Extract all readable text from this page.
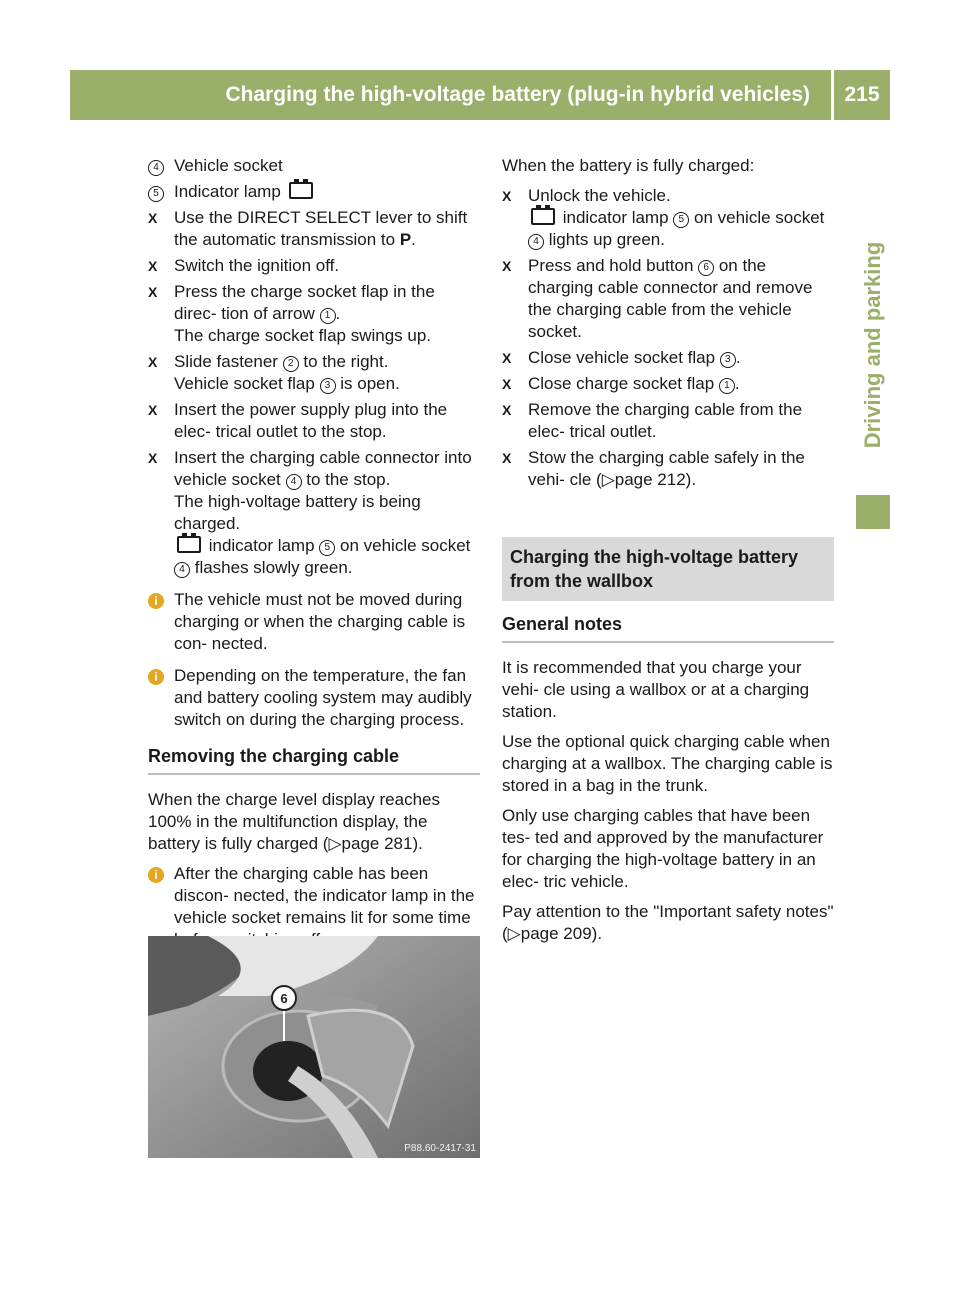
Charging the high-voltage battery (plug-in hybrid vehicles)	215
Driving and parking
4 Vehicle socket
5 Indicator lamp
X Use the DIRECT SELECT lever to shift the automatic transmission to P.
X Switch the ignition off.
X Press the charge socket flap in the direc- tion of arrow 1 .
The charge socket flap swings up.
X Slide fastener 2 to the right.
Vehicle socket flap 3 is open.
X Insert the power supply plug into the elec- trical outlet to the stop.
X Insert the charging cable connector into vehicle socket 4 to the stop.
The high-voltage battery is being charged.
indicator lamp 5 on vehicle socket 4 flashes slowly green.
i The vehicle must not be moved during charging or when the charging cable is con- nected.
i Depending on the temperature, the fan and battery cooling system may audibly switch on during the charging process.
Removing the charging cable
When the charge level display reaches 100% in the multifunction display, the battery is fully charged (▷page 281).
i After the charging cable has been discon- nected, the indicator lamp in the vehicle socket remains lit for some time
When the battery is fully charged:
X Unlock the vehicle.
indicator lamp 5 on vehicle socket 4 lights up green.
X Press and hold button 6 on the charging cable connector and remove the charging cable from the vehicle socket.
X Close vehicle socket flap 3 .
X Close charge socket flap 1 .
X Remove the charging cable from the elec- trical outlet.
X Stow the charging cable safely in the vehi- cle (▷page 212).
Charging the high-voltage battery from the wallbox
General notes
It is recommended that you charge your vehi- cle using a wallbox or at a charging station.
Use the optional quick charging cable when charging at a wallbox. The charging cable is stored in a bag in the trunk.
Only use charging cables that have been tes- ted and approved by the manufacturer for charging the high-voltage battery in an elec- tric vehicle.
Pay attention to the "Important safety notes" (▷page 209).
6
P88.60-2417-31
